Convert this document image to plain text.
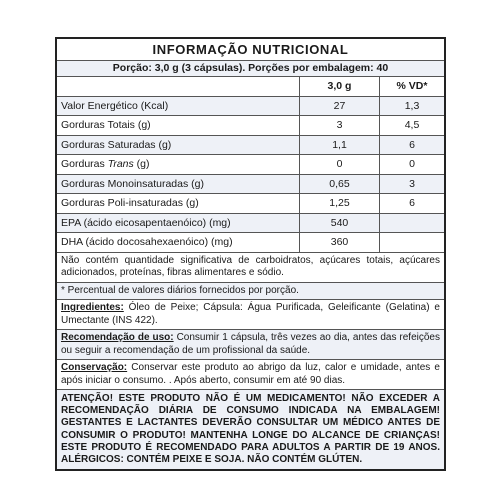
INFORMAÇÃO NUTRICIONAL
Porção: 3,0 g (3 cápsulas). Porções por embalagem: 40
3,0 g	% VD*
Valor Energético (Kcal)	27	1,3
Gorduras Totais (g)	3	4,5
Gorduras Saturadas (g)	1,1	6
Gorduras Trans (g)	0	0
Gorduras Monoinsaturadas (g)	0,65	3
Gorduras Poli-insaturadas (g)	1,25	6
EPA (ácido eicosapentaenóico) (mg)	540
DHA (ácido docosahexaenóico) (mg)	360
Não contém quantidade significativa de carboidratos, açúcares totais, açúcares adicionados, proteínas, fibras alimentares e sódio.
* Percentual de valores diários fornecidos por porção.
Ingredientes: Óleo de Peixe; Cápsula: Água Purificada, Geleificante (Gelatina) e Umectante (INS 422).
Recomendação de uso: Consumir 1 cápsula, três vezes ao dia, antes das refeições ou seguir a recomendação de um profissional da saúde.
Conservação: Conservar este produto ao abrigo da luz, calor e umidade, antes e após iniciar o consumo. . Após aberto, consumir em até 90 dias.
ATENÇÃO! ESTE PRODUTO NÃO É UM MEDICAMENTO! NÃO EXCEDER A RECOMENDAÇÃO DIÁRIA DE CONSUMO INDICADA NA EMBALAGEM! GESTANTES E LACTANTES DEVERÃO CONSULTAR UM MÉDICO ANTES DE CONSUMIR O PRODUTO! MANTENHA LONGE DO ALCANCE DE CRIANÇAS! ESTE PRODUTO É RECOMENDADO PARA ADULTOS A PARTIR DE 19 ANOS. ALÉRGICOS: CONTÉM PEIXE E SOJA. NÃO CONTÉM GLÚTEN.
